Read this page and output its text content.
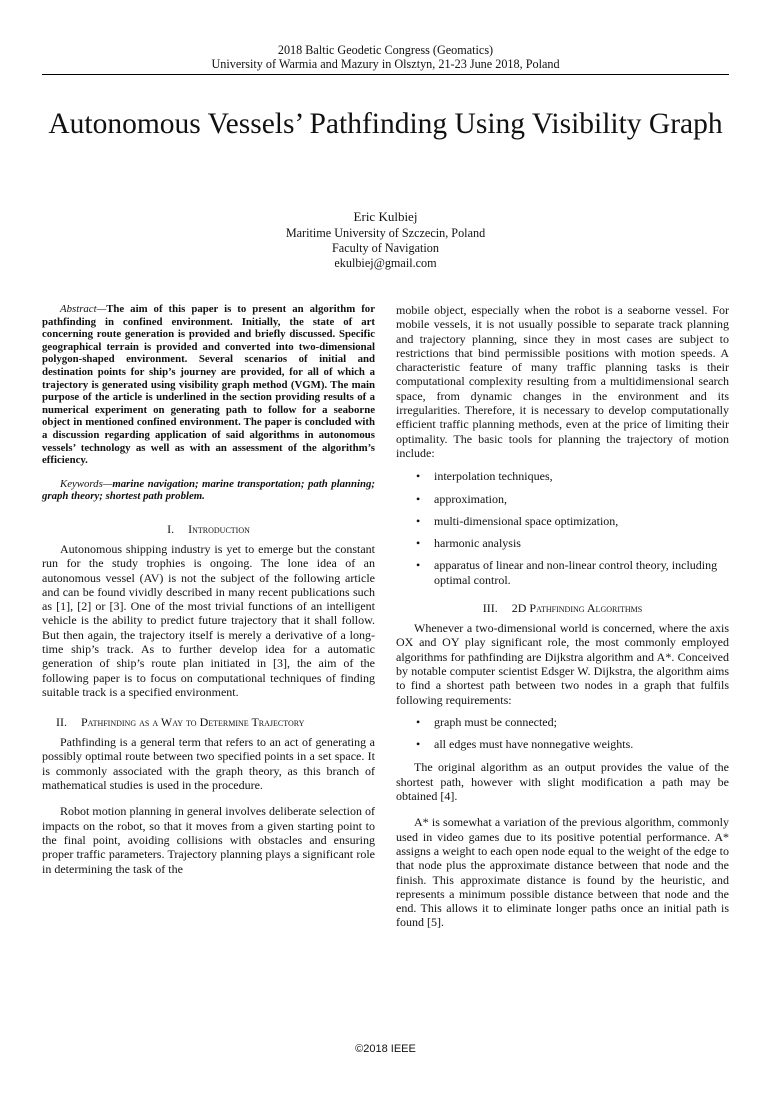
2018 Baltic Geodetic Congress (Geomatics)
University of Warmia and Mazury in Olsztyn, 21-23 June 2018, Poland
Autonomous Vessels’ Pathfinding Using Visibility Graph
Eric Kulbiej
Maritime University of Szczecin, Poland
Faculty of Navigation
ekulbiej@gmail.com

Abstract—The aim of this paper is to present an algorithm for pathfinding in confined environment. Initially, the state of art concerning route generation is provided and briefly discussed. Specific geographical terrain is provided and converted into two-dimensional polygon-shaped environment. Several scenarios of initial and destination points for ship’s journey are provided, for all of which a trajectory is generated using visibility graph method (VGM). The main purpose of the article is underlined in the section providing results of a numerical experiment on generating path to follow for a seaborne object in mentioned confined environment. The paper is concluded with a discussion regarding application of said algorithms in autonomous vessels’ technology as well as with an assessment of the algorithm’s efficiency.

Keywords—marine navigation; marine transportation; path planning; graph theory; shortest path problem.

I. Introduction

Autonomous shipping industry is yet to emerge but the constant run for the study trophies is ongoing. The lone idea of an autonomous vessel (AV) is not the subject of the following article and can be found vividly described in many recent publications such as [1], [2] or [3]. One of the most trivial functions of an intelligent vehicle is the ability to predict future trajectory that it shall follow. But then again, the trajectory itself is merely a derivative of a long-time ship’s track. As to further develop idea for a automatic generation of ship’s route plan initiated in [3], the aim of the following paper is to focus on computational techniques of finding suitable track is a specified environment.

II. Pathfinding as a Way to Determine Trajectory

Pathfinding is a general term that refers to an act of generating a possibly optimal route between two specified points in a set space. It is commonly associated with the graph theory, as this branch of mathematical studies is used in the procedure.

Robot motion planning in general involves deliberate selection of impacts on the robot, so that it moves from a given starting point to the final point, avoiding collisions with obstacles and ensuring proper traffic parameters. Trajectory planning plays a significant role in determining the task of the

mobile object, especially when the robot is a seaborne vessel. For mobile vessels, it is not usually possible to separate track planning and trajectory planning, since they in most cases are subject to restrictions that bind permissible positions with motion speeds. A characteristic feature of many traffic planning tasks is their computational complexity resulting from a multidimensional search space, from dynamic changes in the environment and its irregularities. Therefore, it is necessary to develop computationally efficient traffic planning methods, even at the price of limiting their optimality. The basic tools for planning the trajectory of motion include:

• interpolation techniques,
• approximation,
• multi-dimensional space optimization,
• harmonic analysis
• apparatus of linear and non-linear control theory, including optimal control.
III. 2D Pathfinding Algorithms

Whenever a two-dimensional world is concerned, where the axis OX and OY play significant role, the most commonly employed algorithms for pathfinding are Dijkstra algorithm and A*. Conceived by notable computer scientist Edsger W. Dijkstra, the algorithm aims to find a shortest path between two nodes in a graph that fulfils following requirements:

• graph must be connected;
• all edges must have nonnegative weights.

The original algorithm as an output provides the value of the shortest path, however with slight modification a path may be obtained [4].

A* is somewhat a variation of the previous algorithm, commonly used in video games due to its positive potential performance. A* assigns a weight to each open node equal to the weight of the edge to that node plus the approximate distance between that node and the finish. This approximate distance is found by the heuristic, and represents a minimum possible distance between that node and the end. This allows it to eliminate longer paths once an initial path is found [5].

©2018 IEEE
